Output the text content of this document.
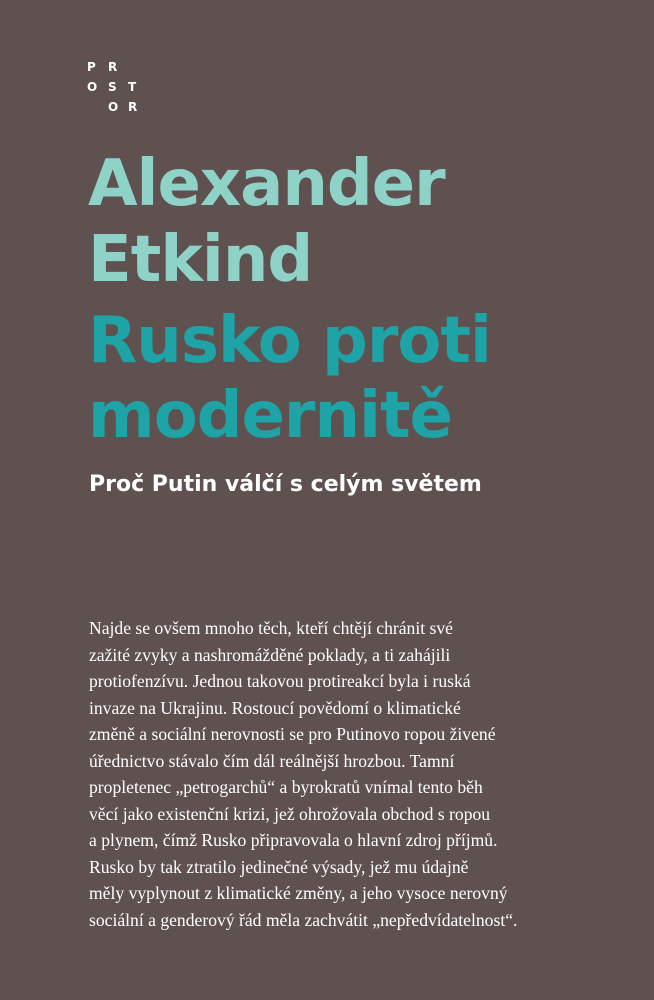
P R
O S T
O R
Alexander
Etkind
Rusko proti
modernitě

Proč Putin válčí s celým světem

Najde se ovšem mnoho těch, kteří chtějí chránit své
zažité zvyky a nashromážděné poklady, a ti zahájili
protiofenzívu. Jednou takovou protireakcí byla i ruská
invaze na Ukrajinu. Rostoucí povědomí o klimatické
změně a sociální nerovnosti se pro Putinovo ropou živené
úřednictvo stávalo čím dál reálnější hrozbou. Tamní
propletenec „petrogarchů“ a byrokratů vnímal tento běh
věcí jako existenční krizi, jež ohrožovala obchod s ropou
a plynem, čímž Rusko připravovala o hlavní zdroj příjmů.
Rusko by tak ztratilo jedinečné výsady, jež mu údajně
měly vyplynout z klimatické změny, a jeho vysoce nerovný
sociální a genderový řád měla zachvátit „nepředvídatelnost“.
